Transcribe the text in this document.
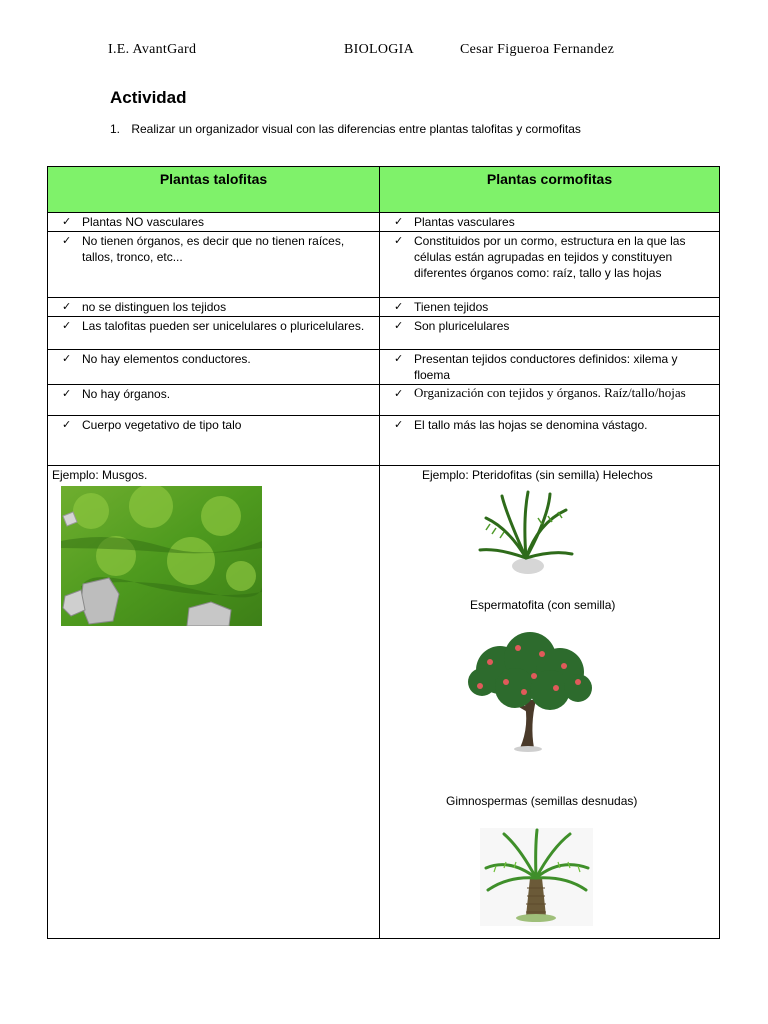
I.E. AvantGard	BIOLOGIA	Cesar Figueroa Fernandez
Actividad
1. Realizar un organizador visual con las diferencias entre plantas talofitas y cormofitas
Plantas talofitas	Plantas cormofitas

✓ Plantas NO vasculares	✓ Plantas vasculares

✓ No tienen órganos, es decir que no tienen raíces, tallos, tronco, etc...	✓ Constituidos por un cormo, estructura en la que las células están agrupadas en tejidos y constituyen diferentes órganos como: raíz, tallo y las hojas

✓ no se distinguen los tejidos	✓ Tienen tejidos

✓ Las talofitas pueden ser unicelulares o pluricelulares.	✓ Son pluricelulares

✓ No hay elementos conductores.	✓ Presentan tejidos conductores definidos: xilema y floema

✓ No hay órganos.	✓ Organización con tejidos y órganos. Raíz/tallo/hojas

✓ Cuerpo vegetativo de tipo talo	✓ El tallo más las hojas se denomina vástago.

Ejemplo: Musgos.	Ejemplo: Pteridofitas (sin semilla) Helechos
Espermatofita (con semilla)
Gimnospermas (semillas desnudas)
